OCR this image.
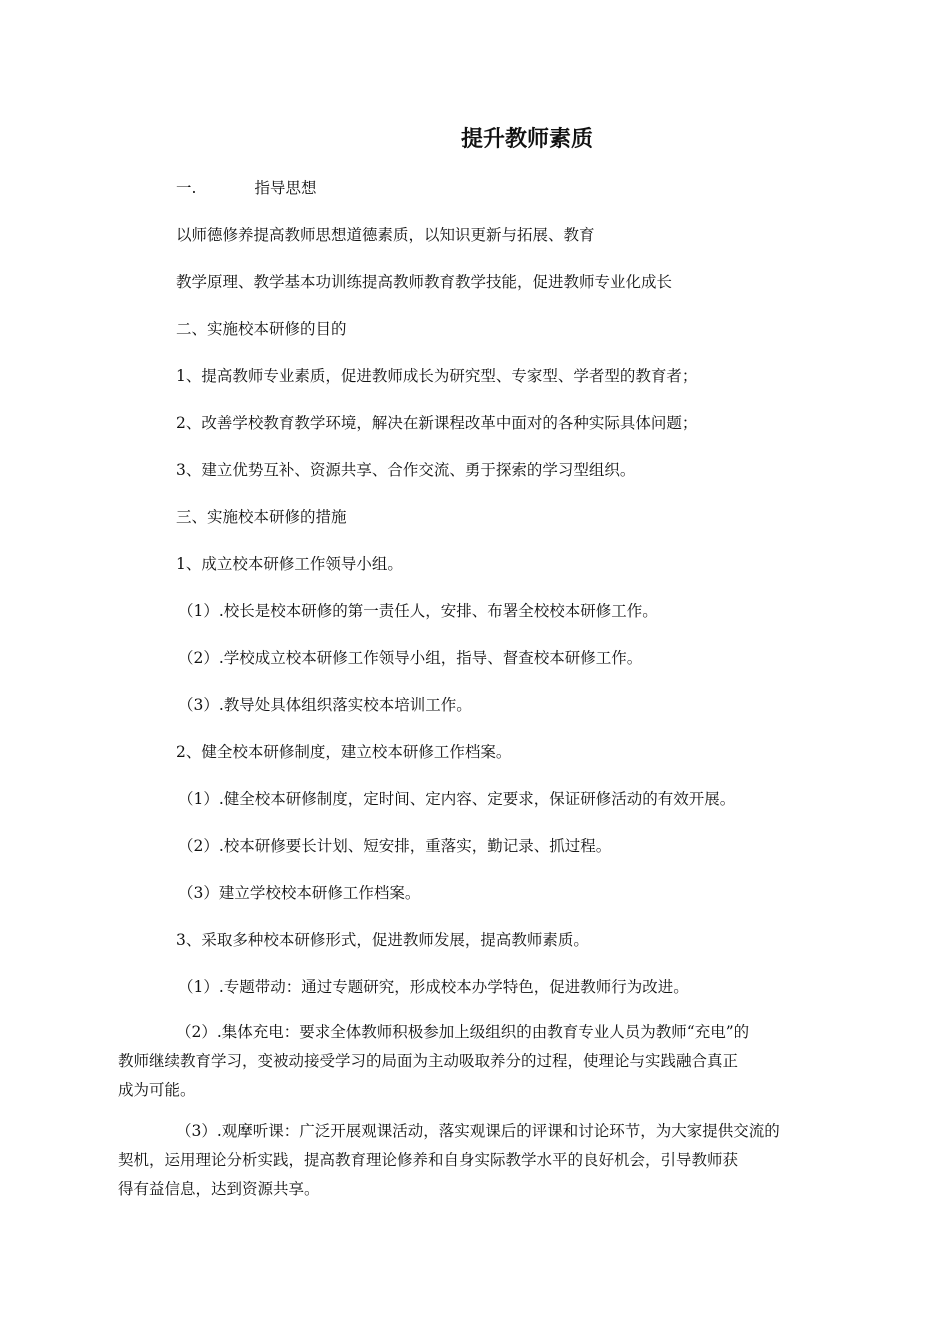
提升教师素质
一.	指导思想
以师德修养提高教师思想道德素质，以知识更新与拓展、教育
教学原理、教学基本功训练提高教师教育教学技能，促进教师专业化成长
二、实施校本研修的目的
1、提高教师专业素质，促进教师成长为研究型、专家型、学者型的教育者；
2、改善学校教育教学环境，解决在新课程改革中面对的各种实际具体问题；
3、建立优势互补、资源共享、合作交流、勇于探索的学习型组织。
三、实施校本研修的措施
1、成立校本研修工作领导小组。
（1）.校长是校本研修的第一责任人，安排、布署全校校本研修工作。
（2）.学校成立校本研修工作领导小组，指导、督查校本研修工作。
（3）.教导处具体组织落实校本培训工作。
2、健全校本研修制度，建立校本研修工作档案。
（1）.健全校本研修制度，定时间、定内容、定要求，保证研修活动的有效开展。
（2）.校本研修要长计划、短安排，重落实，勤记录、抓过程。
（3）建立学校校本研修工作档案。
3、采取多种校本研修形式，促进教师发展，提高教师素质。
（1）.专题带动：通过专题研究，形成校本办学特色，促进教师行为改进。
（2）.集体充电：要求全体教师积极参加上级组织的由教育专业人员为教师“充电”的
教师继续教育学习，变被动接受学习的局面为主动吸取养分的过程，使理论与实践融合真正
成为可能。
（3）.观摩听课：广泛开展观课活动，落实观课后的评课和讨论环节，为大家提供交流的
契机，运用理论分析实践，提高教育理论修养和自身实际教学水平的良好机会，引导教师获
得有益信息，达到资源共享。
